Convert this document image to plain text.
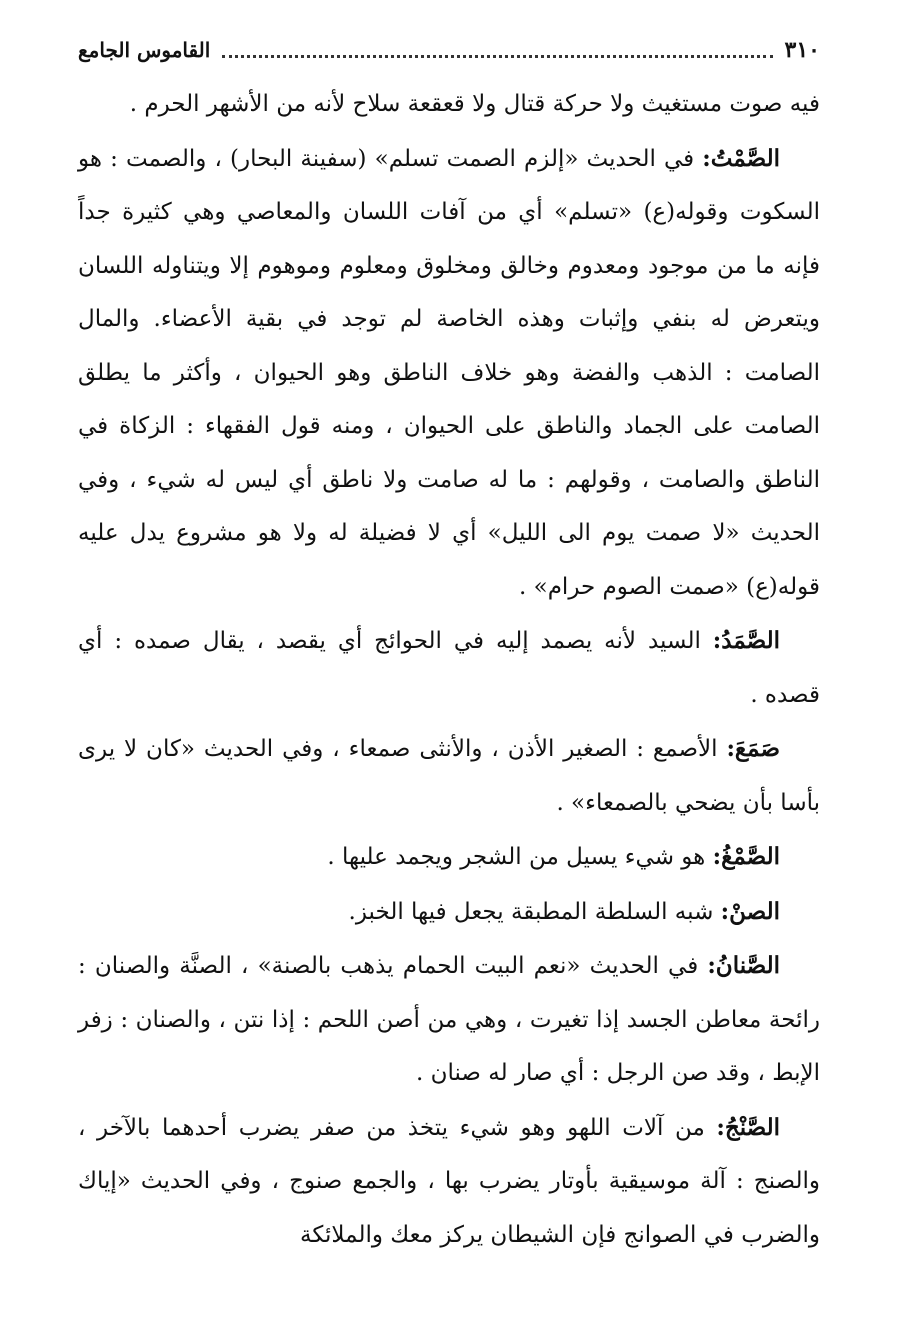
٣١٠
القاموس الجامع

فيه صوت مستغيث ولا حركة قتال ولا قعقعة سلاح لأنه من الأشهر الحرم .

الصَّمْتُ: في الحديث «إلزم الصمت تسلم» (سفينة البحار) ، والصمت : هو السكوت وقوله(ع) «تسلم» أي من آفات اللسان والمعاصي وهي كثيرة جداً فإنه ما من موجود ومعدوم وخالق ومخلوق ومعلوم وموهوم إلا ويتناوله اللسان ويتعرض له بنفي وإثبات وهذه الخاصة لم توجد في بقية الأعضاء. والمال الصامت : الذهب والفضة وهو خلاف الناطق وهو الحيوان ، وأكثر ما يطلق الصامت على الجماد والناطق على الحيوان ، ومنه قول الفقهاء : الزكاة في الناطق والصامت ، وقولهم : ما له صامت ولا ناطق أي ليس له شيء ، وفي الحديث «لا صمت يوم الى الليل» أي لا فضيلة له ولا هو مشروع يدل عليه قوله(ع) «صمت الصوم حرام» .

الصَّمَدُ: السيد لأنه يصمد إليه في الحوائج أي يقصد ، يقال صمده : أي قصده .

صَمَعَ: الأصمع : الصغير الأذن ، والأنثى صمعاء ، وفي الحديث «كان لا يرى بأسا بأن يضحي بالصمعاء» .

الصَّمْغُ: هو شيء يسيل من الشجر ويجمد عليها .

الصنْ: شبه السلطة المطبقة يجعل فيها الخبز.

الصَّنانُ: في الحديث «نعم البيت الحمام يذهب بالصنة» ، الصنَّة والصنان : رائحة معاطن الجسد إذا تغيرت ، وهي من أصن اللحم : إذا نتن ، والصنان : زفر الإبط ، وقد صن الرجل : أي صار له صنان .

الصَّنْجُ: من آلات اللهو وهو شيء يتخذ من صفر يضرب أحدهما بالآخر ، والصنج : آلة موسيقية بأوتار يضرب بها ، والجمع صنوج ، وفي الحديث «إياك والضرب في الصوانج فإن الشيطان يركز معك والملائكة
